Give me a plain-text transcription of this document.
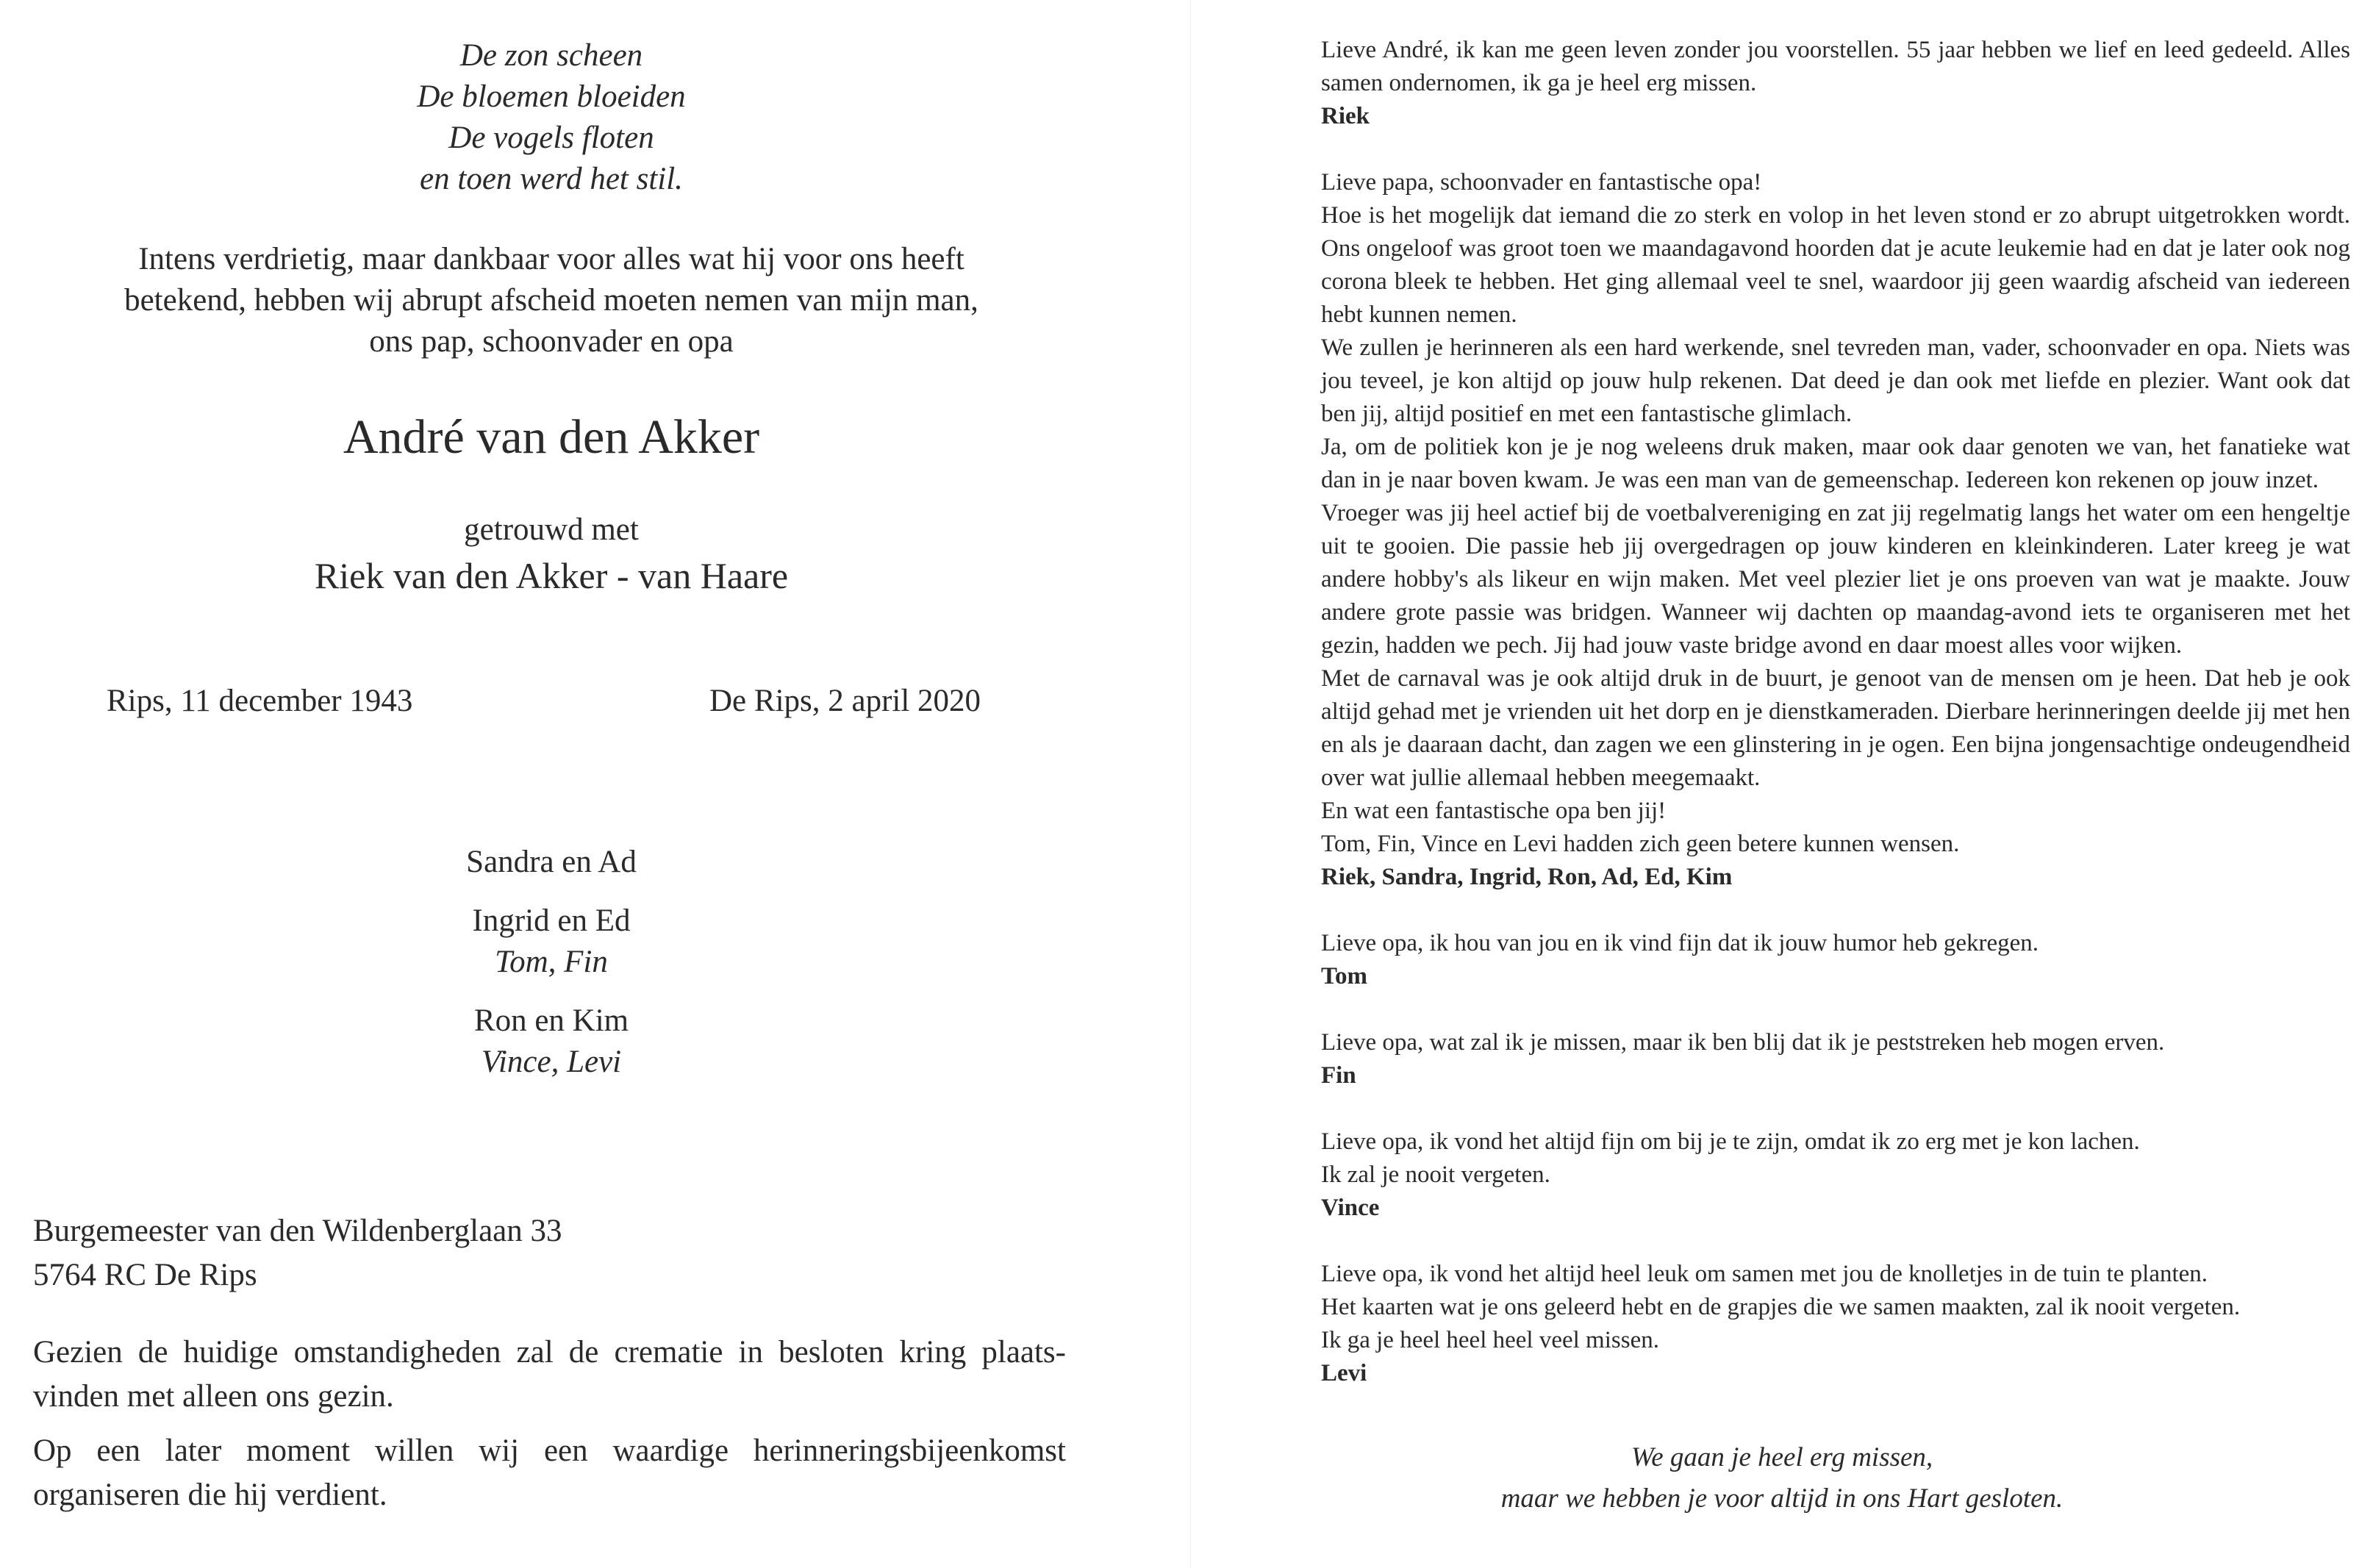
De zon scheen
De bloemen bloeiden
De vogels floten
en toen werd het stil.
Intens verdrietig, maar dankbaar voor alles wat hij voor ons heeft betekend, hebben wij abrupt afscheid moeten nemen van mijn man, ons pap, schoonvader en opa
André van den Akker
getrouwd met
Riek van den Akker - van Haare
Rips, 11 december 1943	De Rips, 2 april 2020
Sandra en Ad
Ingrid en Ed
Tom, Fin
Ron en Kim
Vince, Levi
Burgemeester van den Wildenberglaan 33
5764 RC De Rips

Gezien de huidige omstandigheden zal de crematie in besloten kring plaats-vinden met alleen ons gezin.

Op een later moment willen wij een waardige herinneringsbijeenkomst organiseren die hij verdient.

Lieve André, ik kan me geen leven zonder jou voorstellen. 55 jaar hebben we lief en leed gedeeld. Alles samen ondernomen, ik ga je heel erg missen.

Riek

Lieve papa, schoonvader en fantastische opa!

Hoe is het mogelijk dat iemand die zo sterk en volop in het leven stond er zo abrupt uitgetrokken wordt. Ons ongeloof was groot toen we maandagavond hoorden dat je acute leukemie had en dat je later ook nog corona bleek te hebben. Het ging allemaal veel te snel, waardoor jij geen waardig afscheid van iedereen hebt kunnen nemen.

We zullen je herinneren als een hard werkende, snel tevreden man, vader, schoonvader en opa. Niets was jou teveel, je kon altijd op jouw hulp rekenen. Dat deed je dan ook met liefde en plezier. Want ook dat ben jij, altijd positief en met een fantastische glimlach.

Ja, om de politiek kon je je nog weleens druk maken, maar ook daar genoten we van, het fanatieke wat dan in je naar boven kwam. Je was een man van de gemeenschap. Iedereen kon rekenen op jouw inzet.

Vroeger was jij heel actief bij de voetbalvereniging en zat jij regelmatig langs het water om een hengeltje uit te gooien. Die passie heb jij overgedragen op jouw kinderen en kleinkinderen. Later kreeg je wat andere hobby's als likeur en wijn maken. Met veel plezier liet je ons proeven van wat je maakte. Jouw andere grote passie was bridgen. Wanneer wij dachten op maandag-avond iets te organiseren met het gezin, hadden we pech. Jij had jouw vaste bridge avond en daar moest alles voor wijken.

Met de carnaval was je ook altijd druk in de buurt, je genoot van de mensen om je heen. Dat heb je ook altijd gehad met je vrienden uit het dorp en je dienstkameraden. Dierbare herinneringen deelde jij met hen en als je daaraan dacht, dan zagen we een glinstering in je ogen. Een bijna jongensachtige ondeugendheid over wat jullie allemaal hebben meegemaakt.

En wat een fantastische opa ben jij!

Tom, Fin, Vince en Levi hadden zich geen betere kunnen wensen.

Riek, Sandra, Ingrid, Ron, Ad, Ed, Kim

Lieve opa, ik hou van jou en ik vind fijn dat ik jouw humor heb gekregen.

Tom

Lieve opa, wat zal ik je missen, maar ik ben blij dat ik je peststreken heb mogen erven.

Fin

Lieve opa, ik vond het altijd fijn om bij je te zijn, omdat ik zo erg met je kon lachen.

Ik zal je nooit vergeten.

Vince

Lieve opa, ik vond het altijd heel leuk om samen met jou de knolletjes in de tuin te planten.

Het kaarten wat je ons geleerd hebt en de grapjes die we samen maakten, zal ik nooit vergeten.

Ik ga je heel heel heel veel missen.

Levi

We gaan je heel erg missen,
maar we hebben je voor altijd in ons Hart gesloten.
